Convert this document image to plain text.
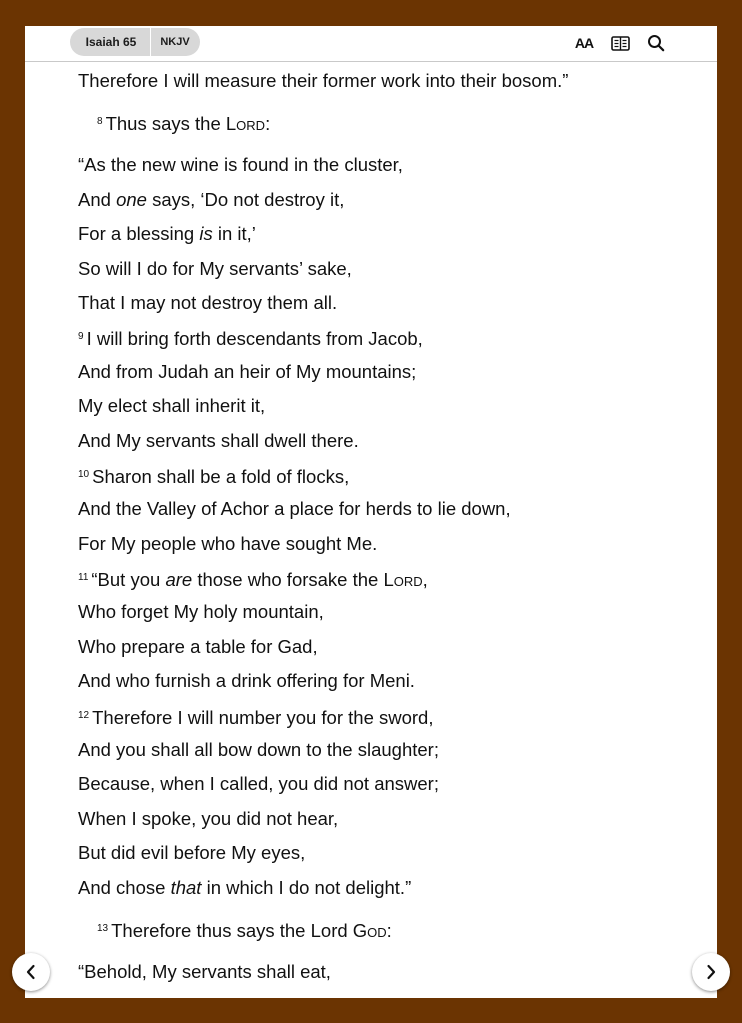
Isaiah 65	NKJV	AA
Therefore I will measure their former work into their bosom.”
$^8$ Thus says the Lord:
“As the new wine is found in the cluster,
And one says, ‘Do not destroy it,
For a blessing is in it,’
So will I do for My servants’ sake,
That I may not destroy them all.
$^9$ I will bring forth descendants from Jacob,
And from Judah an heir of My mountains;
My elect shall inherit it,
And My servants shall dwell there.
$^{10}$ Sharon shall be a fold of flocks,
And the Valley of Achor a place for herds to lie down,
For My people who have sought Me.
$^{11}$ “But you are those who forsake the Lord,
Who forget My holy mountain,
Who prepare a table for Gad,
And who furnish a drink offering for Meni.
$^{12}$ Therefore I will number you for the sword,
And you shall all bow down to the slaughter;
Because, when I called, you did not answer;
When I spoke, you did not hear,
But did evil before My eyes,
And chose that in which I do not delight.”
$^{13}$ Therefore thus says the Lord God:
“Behold, My servants shall eat,
